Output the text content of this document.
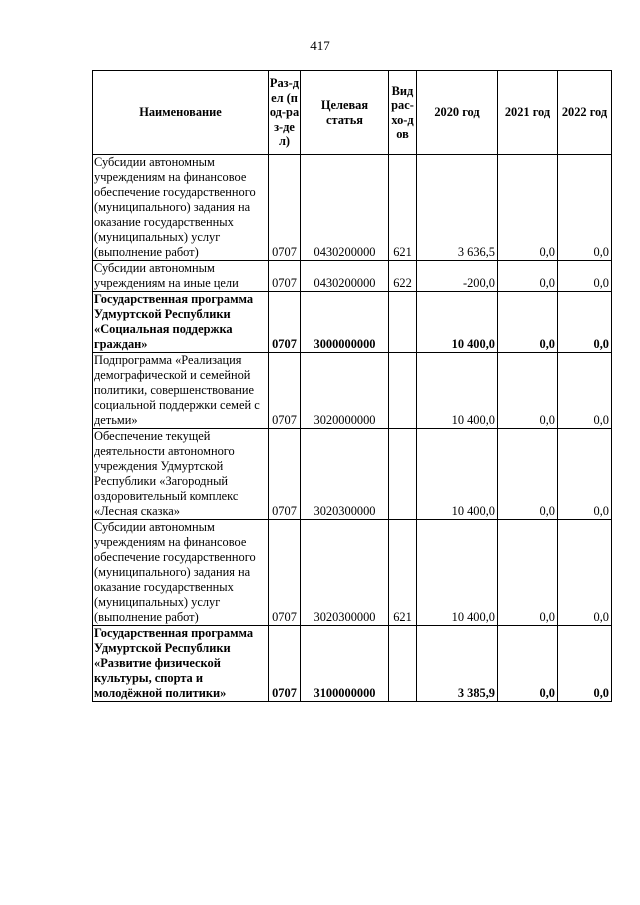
417
Наименование	Раз-дел (под-раз-дел)	Целевая статья	Вид рас-хо-дов	2020 год	2021 год	2022 год
Субсидии автономным учреждениям на финансовое обеспечение государственного (муниципального) задания на оказание государственных (муниципальных) услуг (выполнение работ)	0707	0430200000	621	3 636,5	0,0	0,0
Субсидии автономным учреждениям на иные цели	0707	0430200000	622	-200,0	0,0	0,0
Государственная программа Удмуртской Республики «Социальная поддержка граждан»	0707	3000000000		10 400,0	0,0	0,0
Подпрограмма «Реализация демографической и семейной политики, совершенствование социальной поддержки семей с детьми»	0707	3020000000		10 400,0	0,0	0,0
Обеспечение текущей деятельности автономного учреждения Удмуртской Республики «Загородный оздоровительный комплекс «Лесная сказка»	0707	3020300000		10 400,0	0,0	0,0
Субсидии автономным учреждениям на финансовое обеспечение государственного (муниципального) задания на оказание государственных (муниципальных) услуг (выполнение работ)	0707	3020300000	621	10 400,0	0,0	0,0
Государственная программа Удмуртской Республики «Развитие физической культуры, спорта и молодёжной политики»	0707	3100000000		3 385,9	0,0	0,0
